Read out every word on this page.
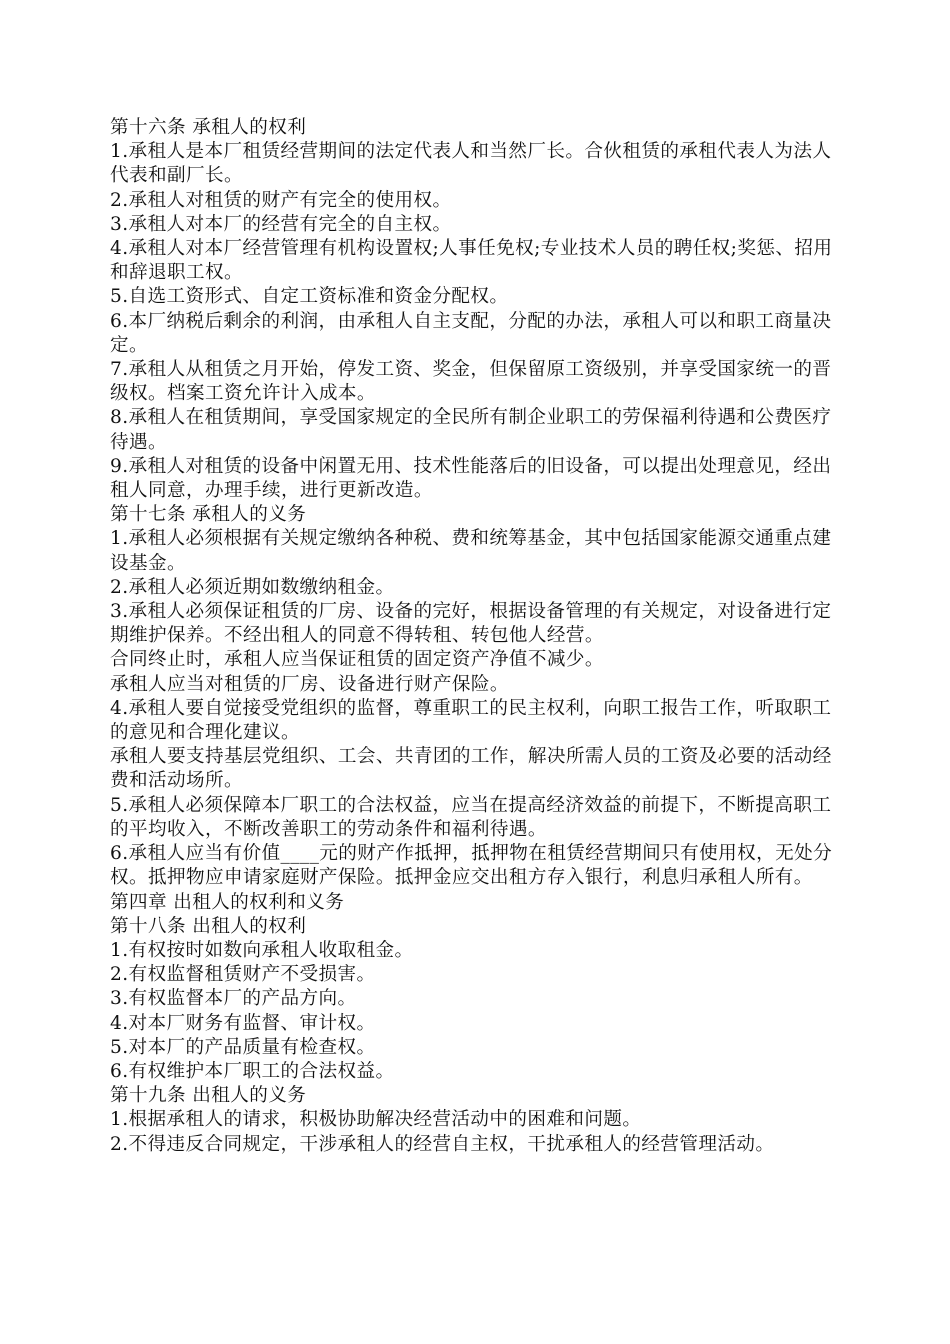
第十六条 承租人的权利

1.承租人是本厂租赁经营期间的法定代表人和当然厂长。合伙租赁的承租代表人为法人代表和副厂长。

2.承租人对租赁的财产有完全的使用权。

3.承租人对本厂的经营有完全的自主权。

4.承租人对本厂经营管理有机构设置权;人事任免权;专业技术人员的聘任权;奖惩、招用和辞退职工权。

5.自选工资形式、自定工资标准和资金分配权。

6.本厂纳税后剩余的利润，由承租人自主支配，分配的办法，承租人可以和职工商量决定。

7.承租人从租赁之月开始，停发工资、奖金，但保留原工资级别，并享受国家统一的晋级权。档案工资允许计入成本。

8.承租人在租赁期间，享受国家规定的全民所有制企业职工的劳保福利待遇和公费医疗待遇。

9.承租人对租赁的设备中闲置无用、技术性能落后的旧设备，可以提出处理意见，经出租人同意，办理手续，进行更新改造。

第十七条 承租人的义务

1.承租人必须根据有关规定缴纳各种税、费和统筹基金，其中包括国家能源交通重点建设基金。

2.承租人必须近期如数缴纳租金。

3.承租人必须保证租赁的厂房、设备的完好，根据设备管理的有关规定，对设备进行定期维护保养。不经出租人的同意不得转租、转包他人经营。

合同终止时，承租人应当保证租赁的固定资产净值不减少。

承租人应当对租赁的厂房、设备进行财产保险。

4.承租人要自觉接受党组织的监督，尊重职工的民主权利，向职工报告工作，听取职工的意见和合理化建议。

承租人要支持基层党组织、工会、共青团的工作，解决所需人员的工资及必要的活动经费和活动场所。

5.承租人必须保障本厂职工的合法权益，应当在提高经济效益的前提下，不断提高职工的平均收入，不断改善职工的劳动条件和福利待遇。

6.承租人应当有价值____元的财产作抵押，抵押物在租赁经营期间只有使用权，无处分权。抵押物应申请家庭财产保险。抵押金应交出租方存入银行，利息归承租人所有。

第四章 出租人的权利和义务

第十八条 出租人的权利

1.有权按时如数向承租人收取租金。

2.有权监督租赁财产不受损害。

3.有权监督本厂的产品方向。

4.对本厂财务有监督、审计权。

5.对本厂的产品质量有检查权。

6.有权维护本厂职工的合法权益。

第十九条 出租人的义务

1.根据承租人的请求，积极协助解决经营活动中的困难和问题。

2.不得违反合同规定，干涉承租人的经营自主权，干扰承租人的经营管理活动。
